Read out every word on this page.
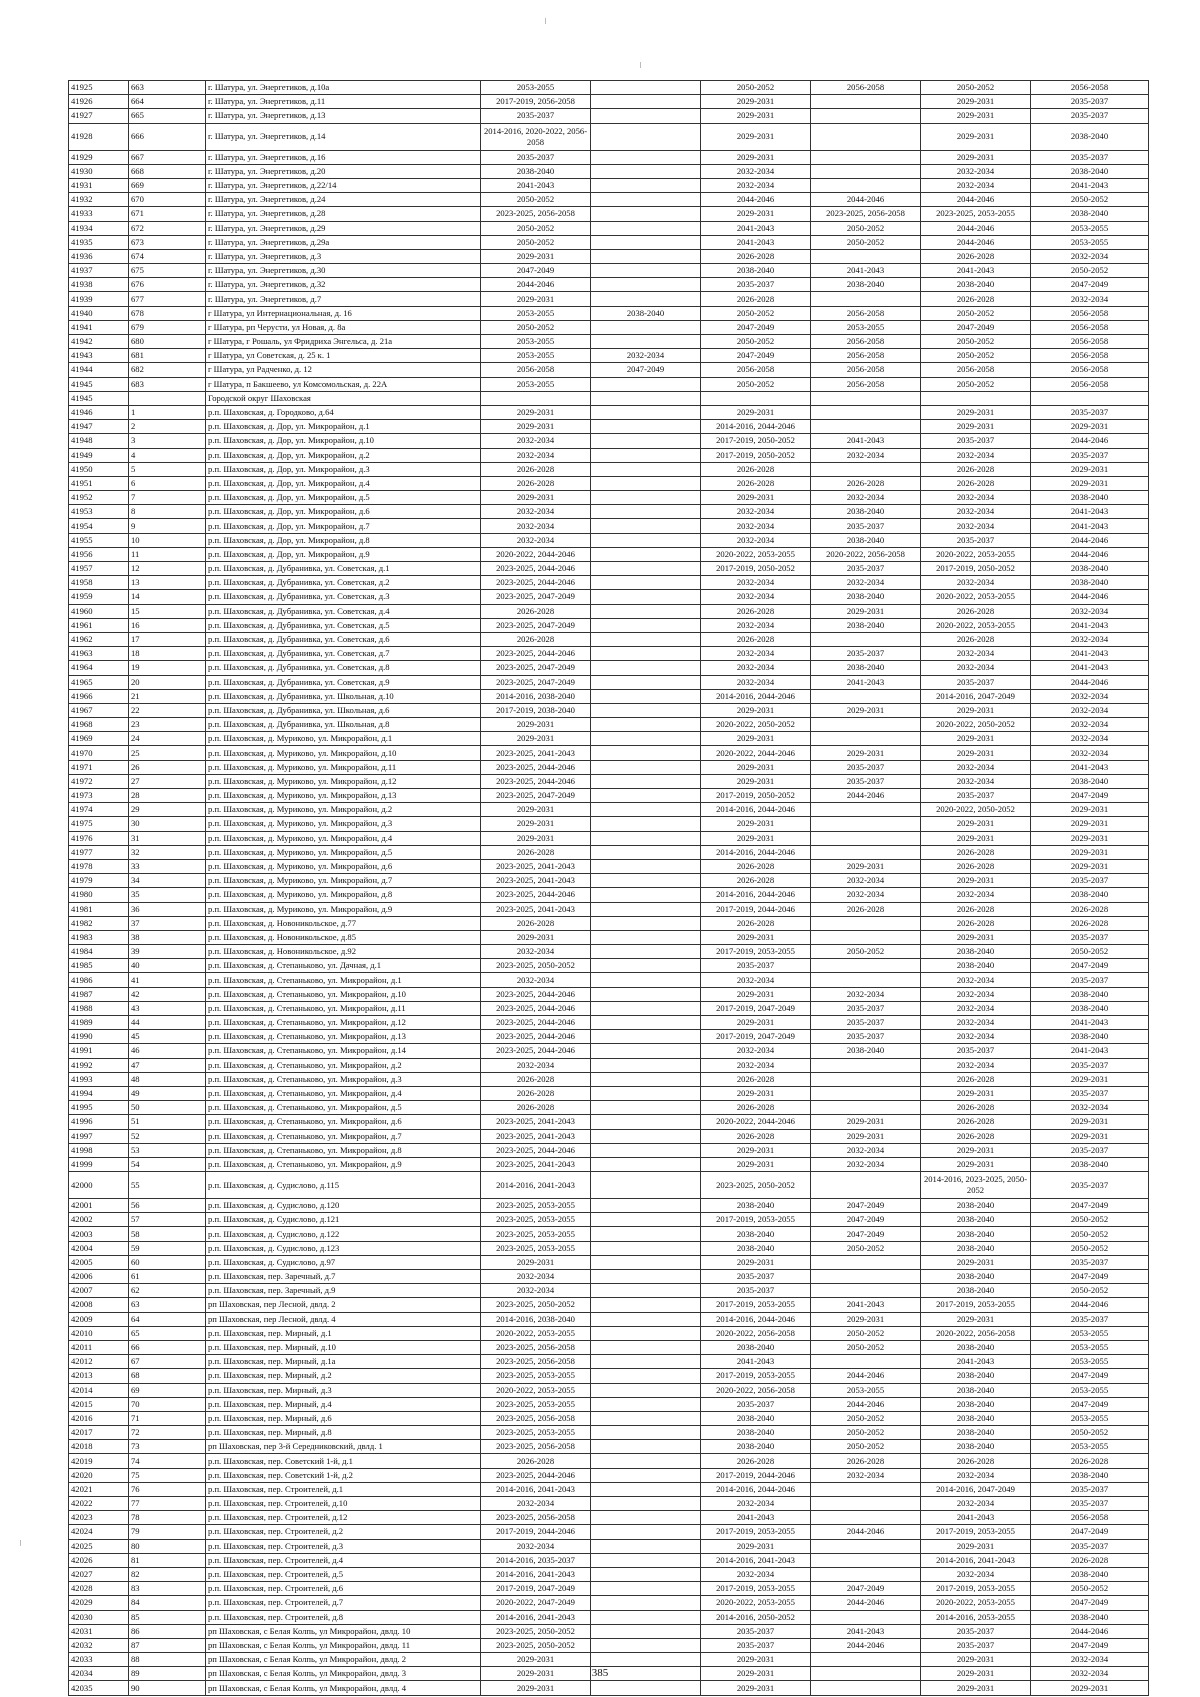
41925	663	г. Шатура, ул. Энергетиков, д.10а	2053-2055		2050-2052	2056-2058	2050-2052	2056-2058
41926	664	г. Шатура, ул. Энергетиков, д.11	2017-2019, 2056-2058		2029-2031		2029-2031	2035-2037
41927	665	г. Шатура, ул. Энергетиков, д.13	2035-2037		2029-2031		2029-2031	2035-2037
41928	666	г. Шатура, ул. Энергетиков, д.14	2014-2016, 2020-2022, 2056-2058		2029-2031		2029-2031	2038-2040
41929	667	г. Шатура, ул. Энергетиков, д.16	2035-2037		2029-2031		2029-2031	2035-2037
41930	668	г. Шатура, ул. Энергетиков, д.20	2038-2040		2032-2034		2032-2034	2038-2040
41931	669	г. Шатура, ул. Энергетиков, д.22/14	2041-2043		2032-2034		2032-2034	2041-2043
41932	670	г. Шатура, ул. Энергетиков, д.24	2050-2052		2044-2046	2044-2046	2044-2046	2050-2052
41933	671	г. Шатура, ул. Энергетиков, д.28	2023-2025, 2056-2058		2029-2031	2023-2025, 2056-2058	2023-2025, 2053-2055	2038-2040
41934	672	г. Шатура, ул. Энергетиков, д.29	2050-2052		2041-2043	2050-2052	2044-2046	2053-2055
41935	673	г. Шатура, ул. Энергетиков, д.29а	2050-2052		2041-2043	2050-2052	2044-2046	2053-2055
41936	674	г. Шатура, ул. Энергетиков, д.3	2029-2031		2026-2028		2026-2028	2032-2034
41937	675	г. Шатура, ул. Энергетиков, д.30	2047-2049		2038-2040	2041-2043	2041-2043	2050-2052
41938	676	г. Шатура, ул. Энергетиков, д.32	2044-2046		2035-2037	2038-2040	2038-2040	2047-2049
41939	677	г. Шатура, ул. Энергетиков, д.7	2029-2031		2026-2028		2026-2028	2032-2034
41940	678	г Шатура, ул Интернациональная, д. 16	2053-2055	2038-2040	2050-2052	2056-2058	2050-2052	2056-2058
41941	679	г Шатура, рп Черусти, ул Новая, д. 8а	2050-2052		2047-2049	2053-2055	2047-2049	2056-2058
41942	680	г Шатура, г Рошаль, ул Фридриха Энгельса, д. 21а	2053-2055		2050-2052	2056-2058	2050-2052	2056-2058
41943	681	г Шатура, ул Советская, д. 25 к. 1	2053-2055	2032-2034	2047-2049	2056-2058	2050-2052	2056-2058
41944	682	г Шатура, ул Радченко, д. 12	2056-2058	2047-2049	2056-2058	2056-2058	2056-2058	2056-2058
41945	683	г Шатура, п Бакшеево, ул Комсомольская, д. 22А	2053-2055		2050-2052	2056-2058	2050-2052	2056-2058
41945		Городской округ Шаховская						
41946	1	р.п. Шаховская, д. Городково, д.64	2029-2031		2029-2031		2029-2031	2035-2037
41947	2	р.п. Шаховская, д. Дор, ул. Микрорайон, д.1	2029-2031		2014-2016, 2044-2046		2029-2031	2029-2031
41948	3	р.п. Шаховская, д. Дор, ул. Микрорайон, д.10	2032-2034		2017-2019, 2050-2052	2041-2043	2035-2037	2044-2046
41949	4	р.п. Шаховская, д. Дор, ул. Микрорайон, д.2	2032-2034		2017-2019, 2050-2052	2032-2034	2032-2034	2035-2037
41950	5	р.п. Шаховская, д. Дор, ул. Микрорайон, д.3	2026-2028		2026-2028		2026-2028	2029-2031
41951	6	р.п. Шаховская, д. Дор, ул. Микрорайон, д.4	2026-2028		2026-2028	2026-2028	2026-2028	2029-2031
41952	7	р.п. Шаховская, д. Дор, ул. Микрорайон, д.5	2029-2031		2029-2031	2032-2034	2032-2034	2038-2040
41953	8	р.п. Шаховская, д. Дор, ул. Микрорайон, д.6	2032-2034		2032-2034	2038-2040	2032-2034	2041-2043
41954	9	р.п. Шаховская, д. Дор, ул. Микрорайон, д.7	2032-2034		2032-2034	2035-2037	2032-2034	2041-2043
41955	10	р.п. Шаховская, д. Дор, ул. Микрорайон, д.8	2032-2034		2032-2034	2038-2040	2035-2037	2044-2046
41956	11	р.п. Шаховская, д. Дор, ул. Микрорайон, д.9	2020-2022, 2044-2046		2020-2022, 2053-2055	2020-2022, 2056-2058	2020-2022, 2053-2055	2044-2046
41957	12	р.п. Шаховская, д. Дубранивка, ул. Советская, д.1	2023-2025, 2044-2046		2017-2019, 2050-2052	2035-2037	2017-2019, 2050-2052	2038-2040
41958	13	р.п. Шаховская, д. Дубранивка, ул. Советская, д.2	2023-2025, 2044-2046		2032-2034	2032-2034	2032-2034	2038-2040
41959	14	р.п. Шаховская, д. Дубранивка, ул. Советская, д.3	2023-2025, 2047-2049		2032-2034	2038-2040	2020-2022, 2053-2055	2044-2046
41960	15	р.п. Шаховская, д. Дубранивка, ул. Советская, д.4	2026-2028		2026-2028	2029-2031	2026-2028	2032-2034
41961	16	р.п. Шаховская, д. Дубранивка, ул. Советская, д.5	2023-2025, 2047-2049		2032-2034	2038-2040	2020-2022, 2053-2055	2041-2043
41962	17	р.п. Шаховская, д. Дубранивка, ул. Советская, д.6	2026-2028		2026-2028		2026-2028	2032-2034
41963	18	р.п. Шаховская, д. Дубранивка, ул. Советская, д.7	2023-2025, 2044-2046		2032-2034	2035-2037	2032-2034	2041-2043
41964	19	р.п. Шаховская, д. Дубранивка, ул. Советская, д.8	2023-2025, 2047-2049		2032-2034	2038-2040	2032-2034	2041-2043
41965	20	р.п. Шаховская, д. Дубранивка, ул. Советская, д.9	2023-2025, 2047-2049		2032-2034	2041-2043	2035-2037	2044-2046
41966	21	р.п. Шаховская, д. Дубранивка, ул. Школьная, д.10	2014-2016, 2038-2040		2014-2016, 2044-2046		2014-2016, 2047-2049	2032-2034
41967	22	р.п. Шаховская, д. Дубранивка, ул. Школьная, д.6	2017-2019, 2038-2040		2029-2031	2029-2031	2029-2031	2032-2034
41968	23	р.п. Шаховская, д. Дубранивка, ул. Школьная, д.8	2029-2031		2020-2022, 2050-2052		2020-2022, 2050-2052	2032-2034
41969	24	р.п. Шаховская, д. Муриково, ул. Микрорайон, д.1	2029-2031		2029-2031		2029-2031	2032-2034
41970	25	р.п. Шаховская, д. Муриково, ул. Микрорайон, д.10	2023-2025, 2041-2043		2020-2022, 2044-2046	2029-2031	2029-2031	2032-2034
41971	26	р.п. Шаховская, д. Муриково, ул. Микрорайон, д.11	2023-2025, 2044-2046		2029-2031	2035-2037	2032-2034	2041-2043
41972	27	р.п. Шаховская, д. Муриково, ул. Микрорайон, д.12	2023-2025, 2044-2046		2029-2031	2035-2037	2032-2034	2038-2040
41973	28	р.п. Шаховская, д. Муриково, ул. Микрорайон, д.13	2023-2025, 2047-2049		2017-2019, 2050-2052	2044-2046	2035-2037	2047-2049
41974	29	р.п. Шаховская, д. Муриково, ул. Микрорайон, д.2	2029-2031		2014-2016, 2044-2046		2020-2022, 2050-2052	2029-2031
41975	30	р.п. Шаховская, д. Муриково, ул. Микрорайон, д.3	2029-2031		2029-2031		2029-2031	2029-2031
41976	31	р.п. Шаховская, д. Муриково, ул. Микрорайон, д.4	2029-2031		2029-2031		2029-2031	2029-2031
41977	32	р.п. Шаховская, д. Муриково, ул. Микрорайон, д.5	2026-2028		2014-2016, 2044-2046		2026-2028	2029-2031
41978	33	р.п. Шаховская, д. Муриково, ул. Микрорайон, д.6	2023-2025, 2041-2043		2026-2028	2029-2031	2026-2028	2029-2031
41979	34	р.п. Шаховская, д. Муриково, ул. Микрорайон, д.7	2023-2025, 2041-2043		2026-2028	2032-2034	2029-2031	2035-2037
41980	35	р.п. Шаховская, д. Муриково, ул. Микрорайон, д.8	2023-2025, 2044-2046		2014-2016, 2044-2046	2032-2034	2032-2034	2038-2040
41981	36	р.п. Шаховская, д. Муриково, ул. Микрорайон, д.9	2023-2025, 2041-2043		2017-2019, 2044-2046	2026-2028	2026-2028	2026-2028
41982	37	р.п. Шаховская, д. Новоникольское, д.77	2026-2028		2026-2028		2026-2028	2026-2028
41983	38	р.п. Шаховская, д. Новоникольское, д.85	2029-2031		2029-2031		2029-2031	2035-2037
41984	39	р.п. Шаховская, д. Новоникольское, д.92	2032-2034		2017-2019, 2053-2055	2050-2052	2038-2040	2050-2052
41985	40	р.п. Шаховская, д. Степаньково, ул. Дачная, д.1	2023-2025, 2050-2052		2035-2037		2038-2040	2047-2049
41986	41	р.п. Шаховская, д. Степаньково, ул. Микрорайон, д.1	2032-2034		2032-2034		2032-2034	2035-2037
41987	42	р.п. Шаховская, д. Степаньково, ул. Микрорайон, д.10	2023-2025, 2044-2046		2029-2031	2032-2034	2032-2034	2038-2040
41988	43	р.п. Шаховская, д. Степаньково, ул. Микрорайон, д.11	2023-2025, 2044-2046		2017-2019, 2047-2049	2035-2037	2032-2034	2038-2040
41989	44	р.п. Шаховская, д. Степаньково, ул. Микрорайон, д.12	2023-2025, 2044-2046		2029-2031	2035-2037	2032-2034	2041-2043
41990	45	р.п. Шаховская, д. Степаньково, ул. Микрорайон, д.13	2023-2025, 2044-2046		2017-2019, 2047-2049	2035-2037	2032-2034	2038-2040
41991	46	р.п. Шаховская, д. Степаньково, ул. Микрорайон, д.14	2023-2025, 2044-2046		2032-2034	2038-2040	2035-2037	2041-2043
41992	47	р.п. Шаховская, д. Степаньково, ул. Микрорайон, д.2	2032-2034		2032-2034		2032-2034	2035-2037
41993	48	р.п. Шаховская, д. Степаньково, ул. Микрорайон, д.3	2026-2028		2026-2028		2026-2028	2029-2031
41994	49	р.п. Шаховская, д. Степаньково, ул. Микрорайон, д.4	2026-2028		2029-2031		2029-2031	2035-2037
41995	50	р.п. Шаховская, д. Степаньково, ул. Микрорайон, д.5	2026-2028		2026-2028		2026-2028	2032-2034
41996	51	р.п. Шаховская, д. Степаньково, ул. Микрорайон, д.6	2023-2025, 2041-2043		2020-2022, 2044-2046	2029-2031	2026-2028	2029-2031
41997	52	р.п. Шаховская, д. Степаньково, ул. Микрорайон, д.7	2023-2025, 2041-2043		2026-2028	2029-2031	2026-2028	2029-2031
41998	53	р.п. Шаховская, д. Степаньково, ул. Микрорайон, д.8	2023-2025, 2044-2046		2029-2031	2032-2034	2029-2031	2035-2037
41999	54	р.п. Шаховская, д. Степаньково, ул. Микрорайон, д.9	2023-2025, 2041-2043		2029-2031	2032-2034	2029-2031	2038-2040
42000	55	р.п. Шаховская, д. Судислово, д.115	2014-2016, 2041-2043		2023-2025, 2050-2052		2014-2016, 2023-2025, 2050-2052	2035-2037
42001	56	р.п. Шаховская, д. Судислово, д.120	2023-2025, 2053-2055		2038-2040	2047-2049	2038-2040	2047-2049
42002	57	р.п. Шаховская, д. Судислово, д.121	2023-2025, 2053-2055		2017-2019, 2053-2055	2047-2049	2038-2040	2050-2052
42003	58	р.п. Шаховская, д. Судислово, д.122	2023-2025, 2053-2055		2038-2040	2047-2049	2038-2040	2050-2052
42004	59	р.п. Шаховская, д. Судислово, д.123	2023-2025, 2053-2055		2038-2040	2050-2052	2038-2040	2050-2052
42005	60	р.п. Шаховская, д. Судислово, д.97	2029-2031		2029-2031		2029-2031	2035-2037
42006	61	р.п. Шаховская, пер. Заречный, д.7	2032-2034		2035-2037		2038-2040	2047-2049
42007	62	р.п. Шаховская, пер. Заречный, д.9	2032-2034		2035-2037		2038-2040	2050-2052
42008	63	рп Шаховская, пер Лесной, двлд. 2	2023-2025, 2050-2052		2017-2019, 2053-2055	2041-2043	2017-2019, 2053-2055	2044-2046
42009	64	рп Шаховская, пер Лесной, двлд. 4	2014-2016, 2038-2040		2014-2016, 2044-2046	2029-2031	2029-2031	2035-2037
42010	65	р.п. Шаховская, пер. Мирный, д.1	2020-2022, 2053-2055		2020-2022, 2056-2058	2050-2052	2020-2022, 2056-2058	2053-2055
42011	66	р.п. Шаховская, пер. Мирный, д.10	2023-2025, 2056-2058		2038-2040	2050-2052	2038-2040	2053-2055
42012	67	р.п. Шаховская, пер. Мирный, д.1а	2023-2025, 2056-2058		2041-2043		2041-2043	2053-2055
42013	68	р.п. Шаховская, пер. Мирный, д.2	2023-2025, 2053-2055		2017-2019, 2053-2055	2044-2046	2038-2040	2047-2049
42014	69	р.п. Шаховская, пер. Мирный, д.3	2020-2022, 2053-2055		2020-2022, 2056-2058	2053-2055	2038-2040	2053-2055
42015	70	р.п. Шаховская, пер. Мирный, д.4	2023-2025, 2053-2055		2035-2037	2044-2046	2038-2040	2047-2049
42016	71	р.п. Шаховская, пер. Мирный, д.6	2023-2025, 2056-2058		2038-2040	2050-2052	2038-2040	2053-2055
42017	72	р.п. Шаховская, пер. Мирный, д.8	2023-2025, 2053-2055		2038-2040	2050-2052	2038-2040	2050-2052
42018	73	рп Шаховская, пер 3-й Середниковский, двлд. 1	2023-2025, 2056-2058		2038-2040	2050-2052	2038-2040	2053-2055
42019	74	р.п. Шаховская, пер. Советский 1-й, д.1	2026-2028		2026-2028	2026-2028	2026-2028	2026-2028
42020	75	р.п. Шаховская, пер. Советский 1-й, д.2	2023-2025, 2044-2046		2017-2019, 2044-2046	2032-2034	2032-2034	2038-2040
42021	76	р.п. Шаховская, пер. Строителей, д.1	2014-2016, 2041-2043		2014-2016, 2044-2046		2014-2016, 2047-2049	2035-2037
42022	77	р.п. Шаховская, пер. Строителей, д.10	2032-2034		2032-2034		2032-2034	2035-2037
42023	78	р.п. Шаховская, пер. Строителей, д.12	2023-2025, 2056-2058		2041-2043		2041-2043	2056-2058
42024	79	р.п. Шаховская, пер. Строителей, д.2	2017-2019, 2044-2046		2017-2019, 2053-2055	2044-2046	2017-2019, 2053-2055	2047-2049
42025	80	р.п. Шаховская, пер. Строителей, д.3	2032-2034		2029-2031		2029-2031	2035-2037
42026	81	р.п. Шаховская, пер. Строителей, д.4	2014-2016, 2035-2037		2014-2016, 2041-2043		2014-2016, 2041-2043	2026-2028
42027	82	р.п. Шаховская, пер. Строителей, д.5	2014-2016, 2041-2043		2032-2034		2032-2034	2038-2040
42028	83	р.п. Шаховская, пер. Строителей, д.6	2017-2019, 2047-2049		2017-2019, 2053-2055	2047-2049	2017-2019, 2053-2055	2050-2052
42029	84	р.п. Шаховская, пер. Строителей, д.7	2020-2022, 2047-2049		2020-2022, 2053-2055	2044-2046	2020-2022, 2053-2055	2047-2049
42030	85	р.п. Шаховская, пер. Строителей, д.8	2014-2016, 2041-2043		2014-2016, 2050-2052		2014-2016, 2053-2055	2038-2040
42031	86	рп Шаховская, с Белая Колпь, ул Микрорайон, двлд. 10	2023-2025, 2050-2052		2035-2037	2041-2043	2035-2037	2044-2046
42032	87	рп Шаховская, с Белая Колпь, ул Микрорайон, двлд. 11	2023-2025, 2050-2052		2035-2037	2044-2046	2035-2037	2047-2049
42033	88	рп Шаховская, с Белая Колпь, ул Микрорайон, двлд. 2	2029-2031		2029-2031		2029-2031	2032-2034
42034	89	рп Шаховская, с Белая Колпь, ул Микрорайон, двлд. 3	2029-2031		2029-2031		2029-2031	2032-2034
42035	90	рп Шаховская, с Белая Колпь, ул Микрорайон, двлд. 4	2029-2031		2029-2031		2029-2031	2029-2031
385
